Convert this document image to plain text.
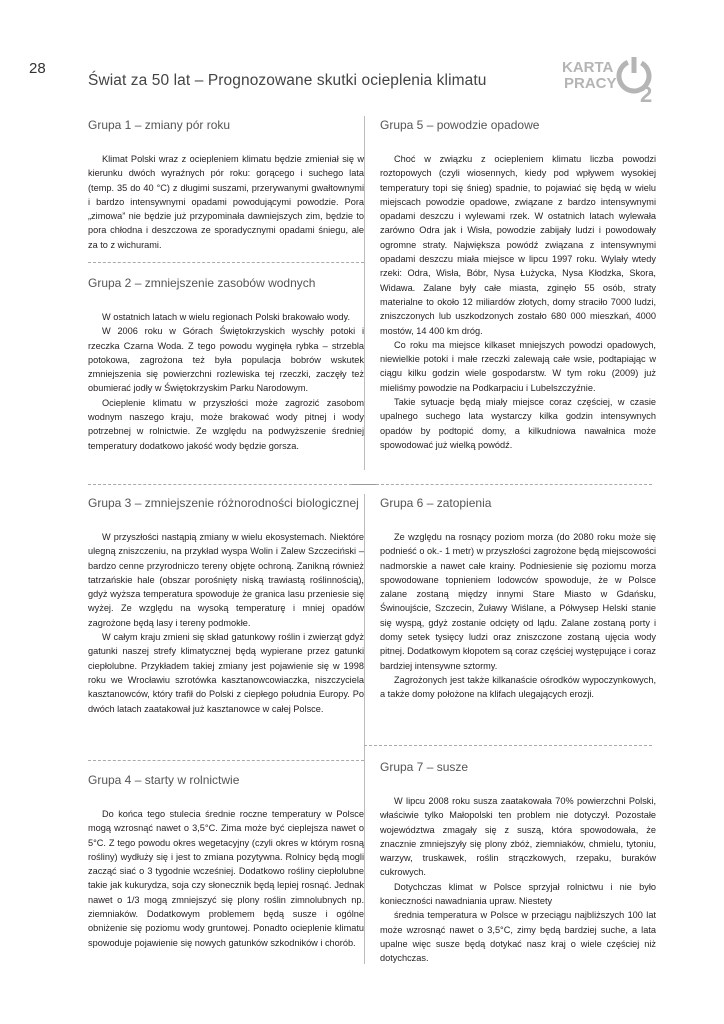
28
Świat za 50 lat – Prognozowane skutki ocieplenia klimatu
KARTA
PRACY 2
Grupa 1 – zmiany pór roku

Klimat Polski wraz z ociepleniem klimatu będzie zmieniał się w kierunku dwóch wyraźnych pór roku: gorącego i suchego lata (temp. 35 do 40 °C) z długimi suszami, przerywanymi gwałtownymi i bardzo intensywnymi opadami powodującymi powodzie. Pora „zimowa” nie będzie już przypominała dawniejszych zim, będzie to pora chłodna i deszczowa ze sporadycznymi opadami śniegu, ale za to z wichurami.

Grupa 2 – zmniejszenie zasobów wodnych

W ostatnich latach w wielu regionach Polski brakowało wody.

W 2006 roku w Górach Świętokrzyskich wyschły potoki i rzeczka Czarna Woda. Z tego powodu wyginęła rybka – strzebla potokowa, zagrożona też była populacja bobrów wskutek zmniejszenia się powierzchni rozlewiska tej rzeczki, zaczęły też obumierać jodły w Świętokrzyskim Parku Narodowym.

Ocieplenie klimatu w przyszłości może zagrozić zasobom wodnym naszego kraju, może brakować wody pitnej i wody potrzebnej w rolnictwie. Ze względu na podwyższenie średniej temperatury dodatkowo jakość wody będzie gorsza.

Grupa 3 – zmniejszenie różnorodności biologicznej

W przyszłości nastąpią zmiany w wielu ekosystemach. Niektóre ulegną zniszczeniu, na przykład wyspa Wolin i Zalew Szczeciński – bardzo cenne przyrodniczo tereny objęte ochroną. Zanikną również tatrzańskie hale (obszar porośnięty niską trawiastą roślinnością), gdyż wyższa temperatura spowoduje że granica lasu przeniesie się wyżej. Ze względu na wysoką temperaturę i mniej opadów zagrożone będą lasy i tereny podmokłe.

W całym kraju zmieni się skład gatunkowy roślin i zwierząt gdyż gatunki naszej strefy klimatycznej będą wypierane przez gatunki ciepłolubne. Przykładem takiej zmiany jest pojawienie się w 1998 roku we Wrocławiu szrotówka kasztanowcowiaczka, niszczyciela kasztanowców, który trafił do Polski z ciepłego południa Europy. Po dwóch latach zaatakował już kasztanowce w całej Polsce.

Grupa 4 – starty w rolnictwie

Do końca tego stulecia średnie roczne temperatury w Polsce mogą wzrosnąć nawet o 3,5°C. Zima może być cieplejsza nawet o 5°C. Z tego powodu okres wegetacyjny (czyli okres w którym rosną rośliny) wydłuży się i jest to zmiana pozytywna. Rolnicy będą mogli zacząć siać o 3 tygodnie wcześniej. Dodatkowo rośliny ciepłolubne takie jak kukurydza, soja czy słonecznik będą lepiej rosnąć. Jednak nawet o 1/3 mogą zmniejszyć się plony roślin zimnolubnych np. ziemniaków. Dodatkowym problemem będą susze i ogólne obniżenie się poziomu wody gruntowej. Ponadto ocieplenie klimatu spowoduje pojawienie się nowych gatunków szkodników i chorób.

Grupa 5 – powodzie opadowe

Choć w związku z ociepleniem klimatu liczba powodzi roztopowych (czyli wiosennych, kiedy pod wpływem wysokiej temperatury topi się śnieg) spadnie, to pojawiać się będą w wielu miejscach powodzie opadowe, związane z bardzo intensywnymi opadami deszczu i wylewami rzek. W ostatnich latach wylewała zarówno Odra jak i Wisła, powodzie zabijały ludzi i powodowały ogromne straty. Największa powódź związana z intensywnymi opadami deszczu miała miejsce w lipcu 1997 roku. Wylały wtedy rzeki: Odra, Wisła, Bóbr, Nysa Łużycka, Nysa Kłodzka, Skora, Widawa. Zalane były całe miasta, zginęło 55 osób, straty materialne to około 12 miliardów złotych, domy straciło 7000 ludzi, zniszczonych lub uszkodzonych zostało 680 000 mieszkań, 4000 mostów, 14 400 km dróg.

Co roku ma miejsce kilkaset mniejszych powodzi opadowych, niewielkie potoki i małe rzeczki zalewają całe wsie, podtapiając w ciągu kilku godzin wiele gospodarstw. W tym roku (2009) już mieliśmy powodzie na Podkarpaciu i Lubelszczyźnie.

Takie sytuacje będą miały miejsce coraz częściej, w czasie upalnego suchego lata wystarczy kilka godzin intensywnych opadów by podtopić domy, a kilkudniowa nawałnica może spowodować już wielką powódź.

Grupa 6 – zatopienia

Ze względu na rosnący poziom morza (do 2080 roku może się podnieść o ok.- 1 metr) w przyszłości zagrożone będą miejscowości nadmorskie a nawet całe krainy. Podniesienie się poziomu morza spowodowane topnieniem lodowców spowoduje, że w Polsce zalane zostaną między innymi Stare Miasto w Gdańsku, Świnoujście, Szczecin, Żuławy Wiślane, a Półwysep Helski stanie się wyspą, gdyż zostanie odcięty od lądu. Zalane zostaną porty i domy setek tysięcy ludzi oraz zniszczone zostaną ujęcia wody pitnej. Dodatkowym kłopotem są coraz częściej występujące i coraz bardziej intensywne sztormy.

Zagrożonych jest także kilkanaście ośrodków wypoczynkowych, a także domy położone na klifach ulegających erozji.

Grupa 7 – susze

W lipcu 2008 roku susza zaatakowała 70% powierzchni Polski, właściwie tylko Małopolski ten problem nie dotyczył. Pozostałe województwa zmagały się z suszą, która spowodowała, że znacznie zmniejszyły się plony zbóż, ziemniaków, chmielu, tytoniu, warzyw, truskawek, roślin strączkowych, rzepaku, buraków cukrowych.

Dotychczas klimat w Polsce sprzyjał rolnictwu i nie było konieczności nawadniania upraw. Niestety

średnia temperatura w Polsce w przeciągu najbliższych 100 lat może wzrosnąć nawet o 3,5°C, zimy będą bardziej suche, a lata upalne więc susze będą dotykać nasz kraj o wiele częściej niż dotychczas.
